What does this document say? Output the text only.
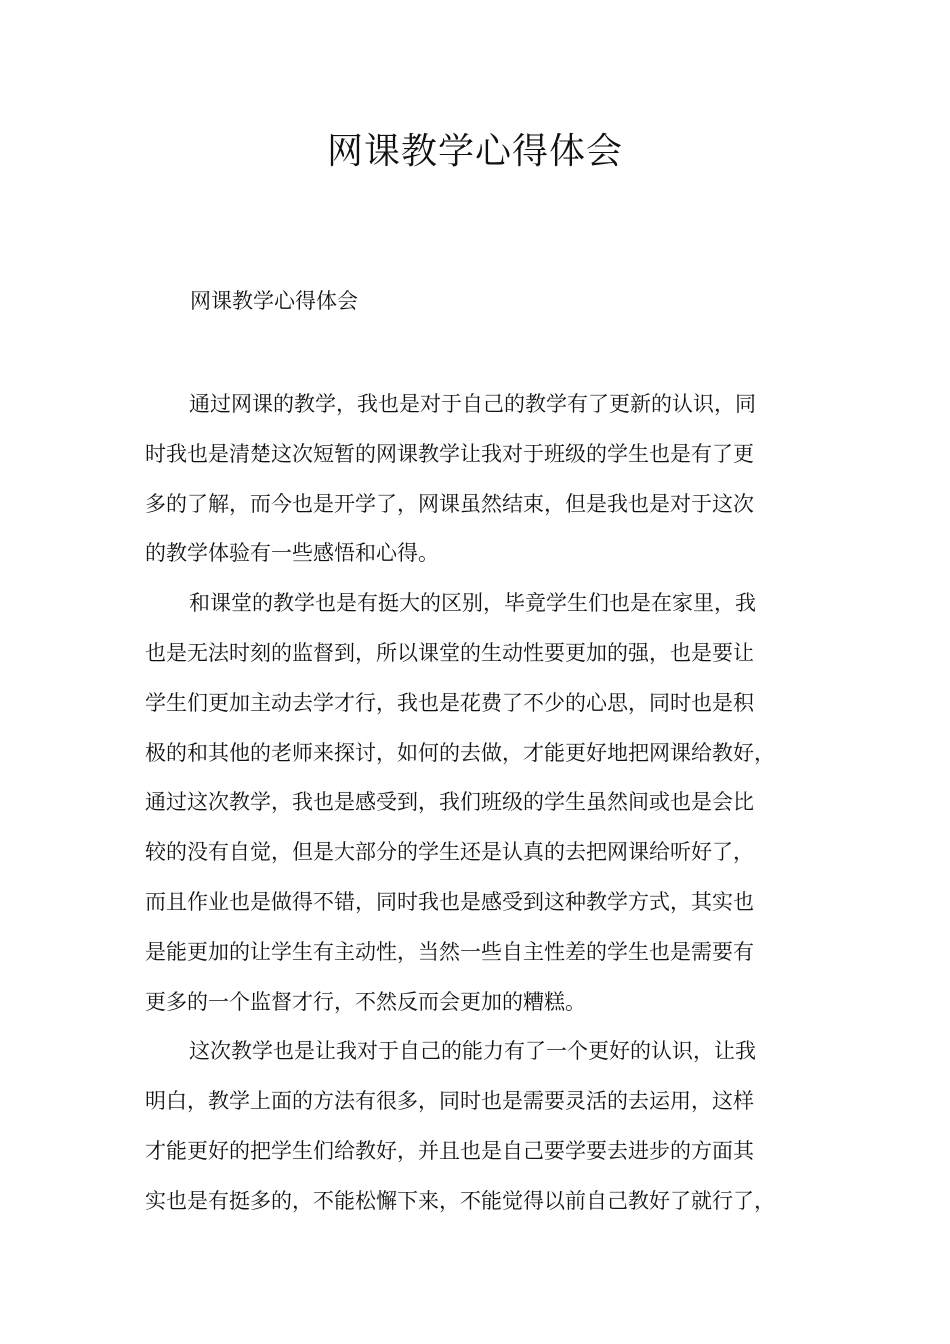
网课教学心得体会

网课教学心得体会

通过网课的教学，我也是对于自己的教学有了更新的认识，同
时我也是清楚这次短暂的网课教学让我对于班级的学生也是有了更
多的了解，而今也是开学了，网课虽然结束，但是我也是对于这次
的教学体验有一些感悟和心得。
和课堂的教学也是有挺大的区别，毕竟学生们也是在家里，我
也是无法时刻的监督到，所以课堂的生动性要更加的强，也是要让
学生们更加主动去学才行，我也是花费了不少的心思，同时也是积
极的和其他的老师来探讨，如何的去做，才能更好地把网课给教好，
通过这次教学，我也是感受到，我们班级的学生虽然间或也是会比
较的没有自觉，但是大部分的学生还是认真的去把网课给听好了，
而且作业也是做得不错，同时我也是感受到这种教学方式，其实也
是能更加的让学生有主动性，当然一些自主性差的学生也是需要有
更多的一个监督才行，不然反而会更加的糟糕。
这次教学也是让我对于自己的能力有了一个更好的认识，让我
明白，教学上面的方法有很多，同时也是需要灵活的去运用，这样
才能更好的把学生们给教好，并且也是自己要学要去进步的方面其
实也是有挺多的，不能松懈下来，不能觉得以前自己教好了就行了，
